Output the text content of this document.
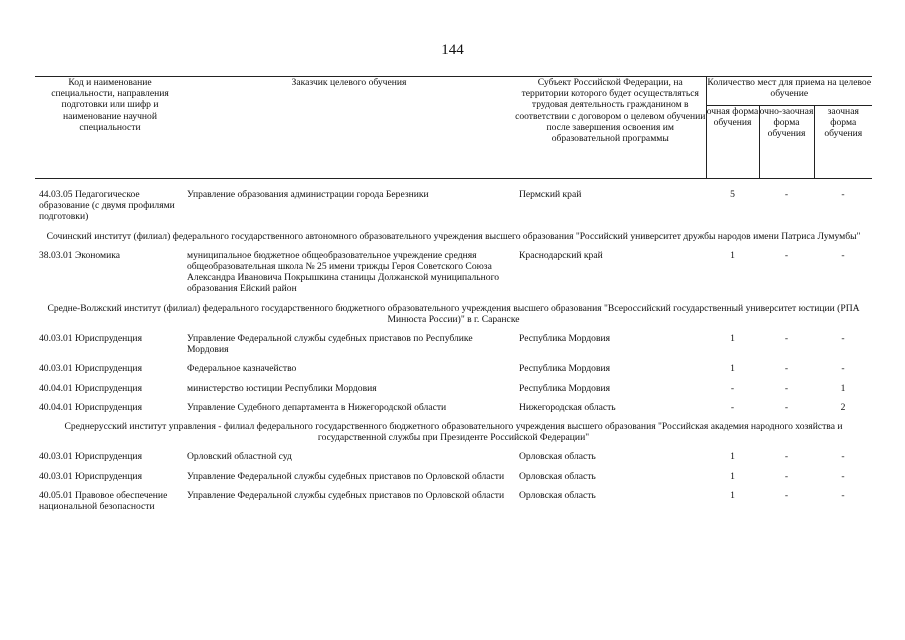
144
Код и наименование специальности, направления подготовки или шифр и наименование научной специальности	Заказчик целевого обучения	Субъект Российской Федерации, на территории которого будет осуществляться трудовая деятельность гражданином в соответствии с договором о целевом обучении после завершения освоения им образовательной программы	Количество мест для приема на целевое обучение		
			очная форма обучения	очно-заочная форма обучения	заочная форма обучения

44.03.05 Педагогическое образование (с двумя профилями подготовки)	Управление образования администрации города Березники	Пермский край	5	-	-
Сочинский институт (филиал) федерального государственного автономного образовательного учреждения высшего образования "Российский университет дружбы народов имени Патриса Лумумбы"					
38.03.01 Экономика	муниципальное бюджетное общеобразовательное учреждение средняя общеобразовательная школа № 25 имени трижды Героя Советского Союза Александра Ивановича Покрышкина станицы Должанской муниципального образования Ейский район	Краснодарский край	1	-	-
Средне-Волжский институт (филиал) федерального государственного бюджетного образовательного учреждения высшего образования "Всероссийский государственный университет юстиции (РПА Минюста России)" в г. Саранске					
40.03.01 Юриспруденция	Управление Федеральной службы судебных приставов по Республике Мордовия	Республика Мордовия	1	-	-
40.03.01 Юриспруденция	Федеральное казначейство	Республика Мордовия	1	-	-
40.04.01 Юриспруденция	министерство юстиции Республики Мордовия	Республика Мордовия	-	-	1
40.04.01 Юриспруденция	Управление Судебного департамента в Нижегородской области	Нижегородская область	-	-	2
Среднерусский институт управления - филиал федерального государственного бюджетного образовательного учреждения высшего образования "Российская академия народного хозяйства и государственной службы при Президенте Российской Федерации"					
40.03.01 Юриспруденция	Орловский областной суд	Орловская область	1	-	-
40.03.01 Юриспруденция	Управление Федеральной службы судебных приставов по Орловской области	Орловская область	1	-	-
40.05.01 Правовое обеспечение национальной безопасности	Управление Федеральной службы судебных приставов по Орловской области	Орловская область	1	-	-
